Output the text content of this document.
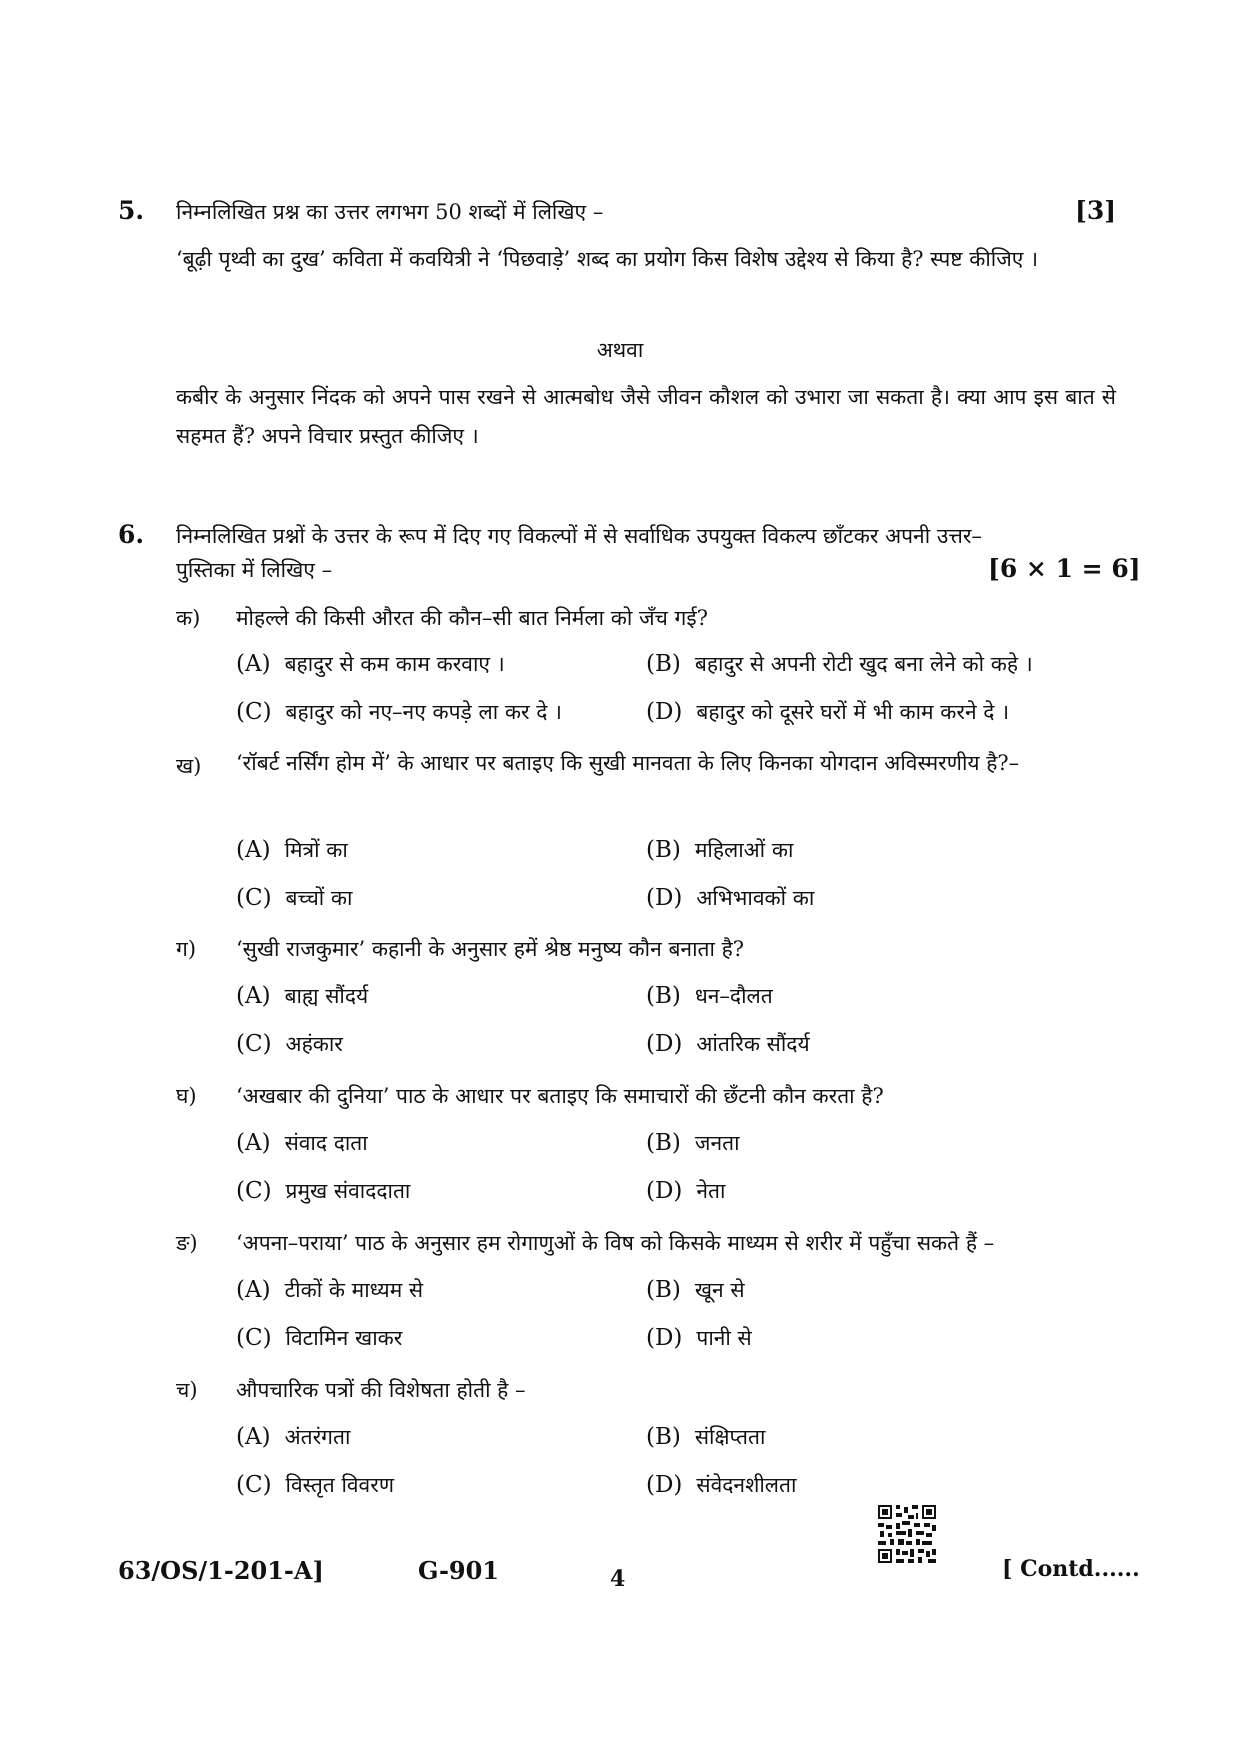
5. निम्नलिखित प्रश्न का उत्तर लगभग 50 शब्दों में लिखिए –	[3]
‘बूढ़ी पृथ्वी का दुख’ कविता में कवयित्री ने ‘पिछवाड़े’ शब्द का प्रयोग किस विशेष उद्देश्य से किया है? स्पष्ट कीजिए ।
अथवा
कबीर के अनुसार निंदक को अपने पास रखने से आत्मबोध जैसे जीवन कौशल को उभारा जा सकता है। क्या आप इस बात से सहमत हैं? अपने विचार प्रस्तुत कीजिए ।
6. निम्नलिखित प्रश्नों के उत्तर के रूप में दिए गए विकल्पों में से सर्वाधिक उपयुक्त विकल्प छाँटकर अपनी उत्तर–
पुस्तिका में लिखिए –	[6 × 1 = 6]
क) मोहल्ले की किसी औरत की कौन–सी बात निर्मला को जँच गई?
(A) बहादुर से कम काम करवाए ।	(B) बहादुर से अपनी रोटी खुद बना लेने को कहे ।
(C) बहादुर को नए–नए कपड़े ला कर दे ।	(D) बहादुर को दूसरे घरों में भी काम करने दे ।
ख) ‘रॉबर्ट नर्सिंग होम में’ के आधार पर बताइए कि सुखी मानवता के लिए किनका योगदान अविस्मरणीय है?–
(A) मित्रों का	(B) महिलाओं का
(C) बच्चों का	(D) अभिभावकों का
ग) ‘सुखी राजकुमार’ कहानी के अनुसार हमें श्रेष्ठ मनुष्य कौन बनाता है?
(A) बाह्य सौंदर्य	(B) धन–दौलत
(C) अहंकार	(D) आंतरिक सौंदर्य
घ) ‘अखबार की दुनिया’ पाठ के आधार पर बताइए कि समाचारों की छँटनी कौन करता है?
(A) संवाद दाता	(B) जनता
(C) प्रमुख संवाददाता	(D) नेता
ङ) ‘अपना–पराया’ पाठ के अनुसार हम रोगाणुओं के विष को किसके माध्यम से शरीर में पहुँचा सकते हैं –
(A) टीकों के माध्यम से	(B) खून से
(C) विटामिन खाकर	(D) पानी से
च) औपचारिक पत्रों की विशेषता होती है –
(A) अंतरंगता	(B) संक्षिप्तता
(C) विस्तृत विवरण	(D) संवेदनशीलता
63/OS/1-201-A]	G-901	4	[ Contd......
